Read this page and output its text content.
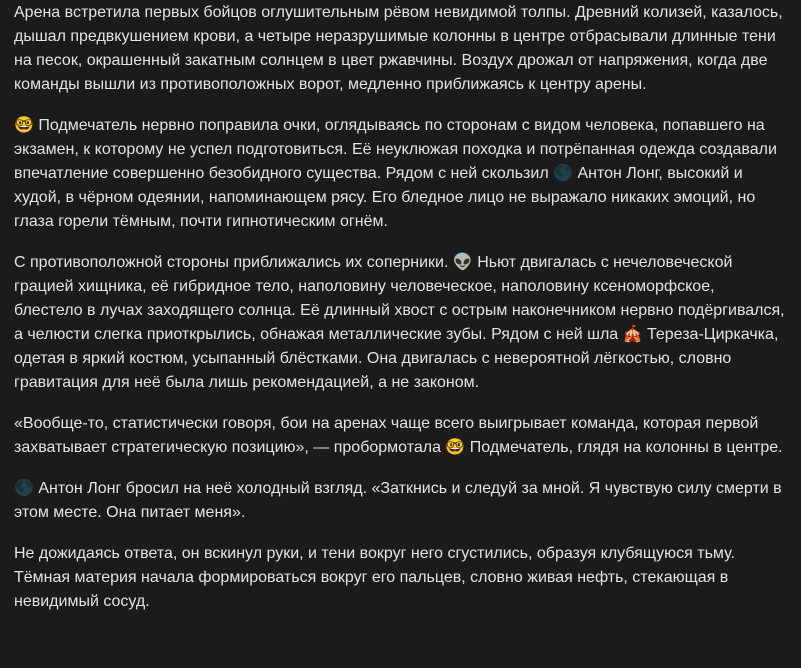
Арена встретила первых бойцов оглушительным рёвом невидимой толпы. Древний колизей, казалось, дышал предвкушением крови, а четыре неразрушимые колонны в центре отбрасывали длинные тени на песок, окрашенный закатным солнцем в цвет ржавчины. Воздух дрожал от напряжения, когда две команды вышли из противоположных ворот, медленно приближаясь к центру арены.

🤓 Подмечатель нервно поправила очки, оглядываясь по сторонам с видом человека, попавшего на экзамен, к которому не успел подготовиться. Её неуклюжая походка и потрёпанная одежда создавали впечатление совершенно безобидного существа. Рядом с ней скользил 🌑 Антон Лонг, высокий и худой, в чёрном одеянии, напоминающем рясу. Его бледное лицо не выражало никаких эмоций, но глаза горели тёмным, почти гипнотическим огнём.

С противоположной стороны приближались их соперники. 👽 Ньют двигалась с нечеловеческой грацией хищника, её гибридное тело, наполовину человеческое, наполовину ксеноморфское, блестело в лучах заходящего солнца. Её длинный хвост с острым наконечником нервно подёргивался, а челюсти слегка приоткрылись, обнажая металлические зубы. Рядом с ней шла 🎪 Тереза-Циркачка, одетая в яркий костюм, усыпанный блёстками. Она двигалась с невероятной лёгкостью, словно гравитация для неё была лишь рекомендацией, а не законом.

«Вообще-то, статистически говоря, бои на аренах чаще всего выигрывает команда, которая первой захватывает стратегическую позицию», — пробормотала 🤓 Подмечатель, глядя на колонны в центре.

🌑 Антон Лонг бросил на неё холодный взгляд. «Заткнись и следуй за мной. Я чувствую силу смерти в этом месте. Она питает меня».

Не дожидаясь ответа, он вскинул руки, и тени вокруг него сгустились, образуя клубящуюся тьму. Тёмная материя начала формироваться вокруг его пальцев, словно живая нефть, стекающая в невидимый сосуд.
